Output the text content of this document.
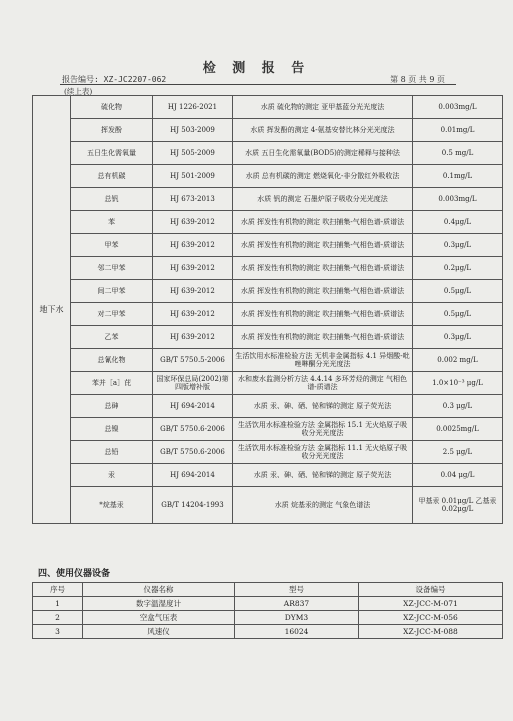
检 测 报 告
报告编号: XZ-JC2207-062	第 8 页 共 9 页
(续上表)
地下水	硫化物	HJ 1226-2021	水质 硫化物的测定 亚甲基蓝分光光度法	0.003mg/L
	挥发酚	HJ 503-2009	水质 挥发酚的测定 4-氨基安替比林分光光度法	0.01mg/L
	五日生化需氧量	HJ 505-2009	水质 五日生化需氧量(BOD5)的测定稀释与接种法	0.5 mg/L
	总有机碳	HJ 501-2009	水质 总有机碳的测定 燃烧氧化-非分散红外吸收法	0.1mg/L
	总钒	HJ 673-2013	水质 钒的测定 石墨炉原子吸收分光光度法	0.003mg/L
	苯	HJ 639-2012	水质 挥发性有机物的测定 吹扫捕集-气相色谱-质谱法	0.4μg/L
	甲苯	HJ 639-2012	水质 挥发性有机物的测定 吹扫捕集-气相色谱-质谱法	0.3μg/L
	邻二甲苯	HJ 639-2012	水质 挥发性有机物的测定 吹扫捕集-气相色谱-质谱法	0.2μg/L
	间二甲苯	HJ 639-2012	水质 挥发性有机物的测定 吹扫捕集-气相色谱-质谱法	0.5μg/L
	对二甲苯	HJ 639-2012	水质 挥发性有机物的测定 吹扫捕集-气相色谱-质谱法	0.5μg/L
	乙苯	HJ 639-2012	水质 挥发性有机物的测定 吹扫捕集-气相色谱-质谱法	0.3μg/L
	总氰化物	GB/T 5750.5-2006	生活饮用水标准检验方法 无机非金属指标 4.1 异烟酸-吡唑啉酮分光光度法	0.002 mg/L
	苯并［a］芘	国家环保总局(2002)第四版增补版	水和废水监测分析方法 4.4.14 多环芳烃的测定 气相色谱-质谱法	1.0×10⁻³ μg/L
	总砷	HJ 694-2014	水质 汞、砷、硒、铋和锑的测定 原子荧光法	0.3 μg/L
	总镍	GB/T 5750.6-2006	生活饮用水标准检验方法 金属指标 15.1 无火焰原子吸收分光光度法	0.0025mg/L
	总铅	GB/T 5750.6-2006	生活饮用水标准检验方法 金属指标 11.1 无火焰原子吸收分光光度法	2.5 μg/L
	汞	HJ 694-2014	水质 汞、砷、硒、铋和锑的测定 原子荧光法	0.04 μg/L
	*烷基汞	GB/T 14204-1993	水质 烷基汞的测定 气象色谱法	甲基汞 0.01μg/L 乙基汞 0.02μg/L
四、使用仪器设备
序号	仪器名称	型号	设备编号
1	数字温湿度计	AR837	XZ-JCC-M-071
2	空盒气压表	DYM3	XZ-JCC-M-056
3	风速仪	16024	XZ-JCC-M-088
